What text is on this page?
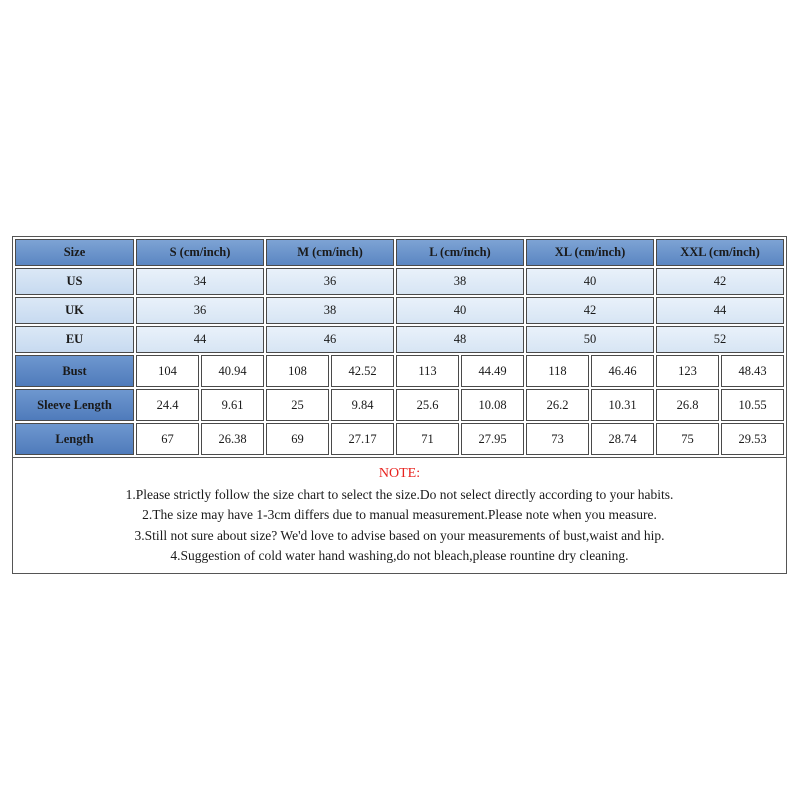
Size	S (cm/inch)		M (cm/inch)		L (cm/inch)		XL (cm/inch)		XXL (cm/inch)	
US	34		36		38		40		42	
UK	36		38		40		42		44	
EU	44		46		48		50		52	
Bust	104	40.94	108	42.52	113	44.49	118	46.46	123	48.43
Sleeve Length	24.4	9.61	25	9.84	25.6	10.08	26.2	10.31	26.8	10.55
Length	67	26.38	69	27.17	71	27.95	73	28.74	75	29.53
NOTE:
1.Please strictly follow the size chart to select the size.Do not select directly according to your habits.
2.The size may have 1-3cm differs due to manual measurement.Please note when you measure.
3.Still not sure about size? We'd love to advise based on your measurements of bust,waist and hip.
4.Suggestion of cold water hand washing,do not bleach,please rountine dry cleaning.
